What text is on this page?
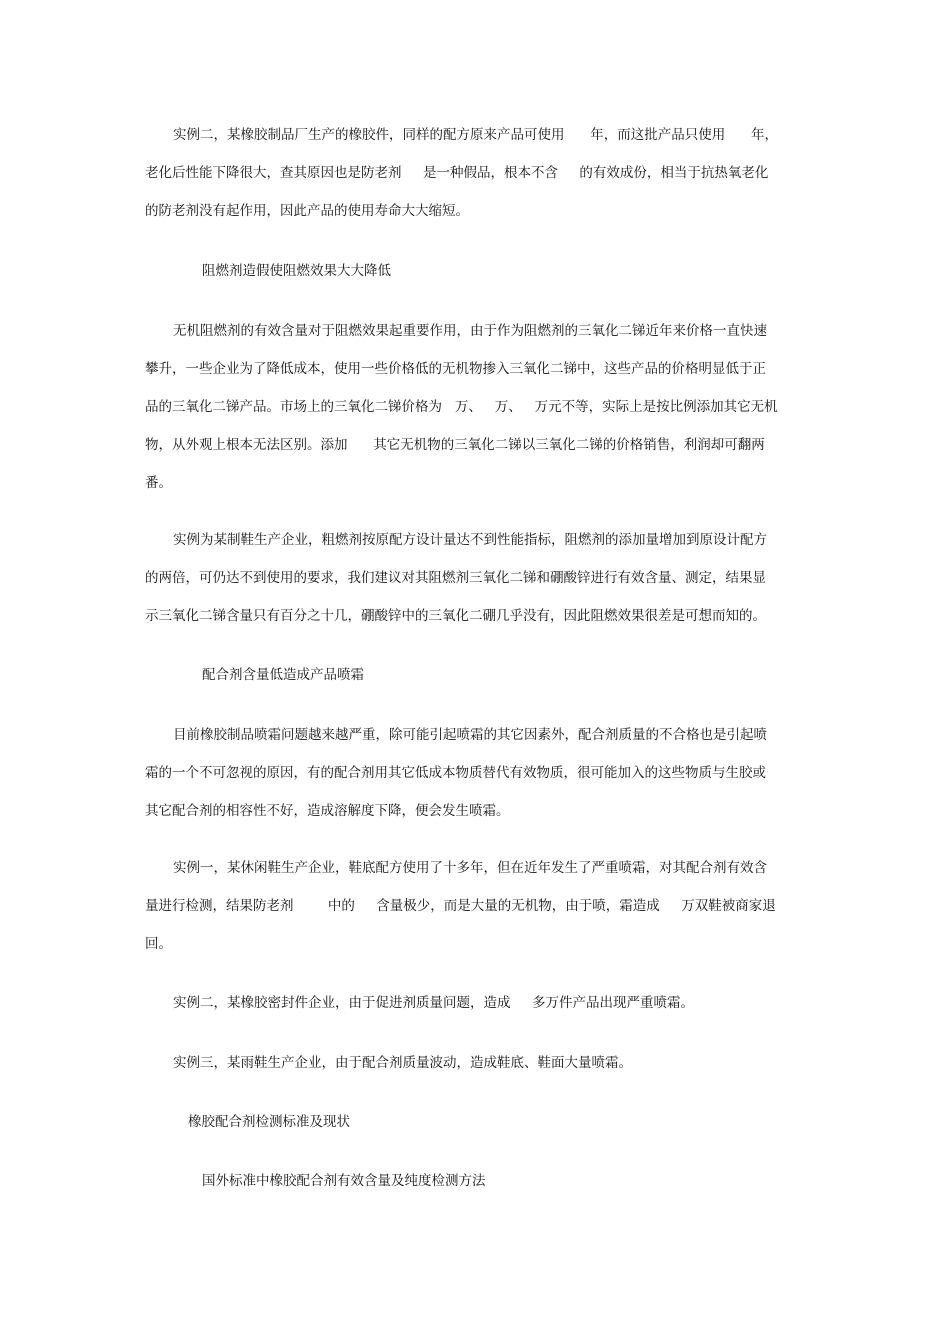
实例二，某橡胶制品厂生产的橡胶件，同样的配方原来产品可使用      年，而这批产品只使用      年，
老化后性能下降很大，查其原因也是防老剂     是一种假品，根本不含     的有效成份，相当于抗热氧老化
的防老剂没有起作用，因此产品的使用寿命大大缩短。
阻燃剂造假使阻燃效果大大降低
无机阻燃剂的有效含量对于阻燃效果起重要作用，由于作为阻燃剂的三氧化二锑近年来价格一直快速
攀升，一些企业为了降低成本，使用一些价格低的无机物掺入三氧化二锑中，这些产品的价格明显低于正
品的三氧化二锑产品。市场上的三氧化二锑价格为   万、   万、   万元不等，实际上是按比例添加其它无机
物，从外观上根本无法区别。添加      其它无机物的三氧化二锑以三氧化二锑的价格销售，利润却可翻两
番。
实例为某制鞋生产企业，粗燃剂按原配方设计量达不到性能指标，阻燃剂的添加量增加到原设计配方
的两倍，可仍达不到使用的要求，我们建议对其阻燃剂三氧化二锑和硼酸锌进行有效含量、测定，结果显
示三氧化二锑含量只有百分之十几，硼酸锌中的三氧化二硼几乎没有，因此阻燃效果很差是可想而知的。
配合剂含量低造成产品喷霜
目前橡胶制品喷霜问题越来越严重，除可能引起喷霜的其它因素外，配合剂质量的不合格也是引起喷
霜的一个不可忽视的原因，有的配合剂用其它低成本物质替代有效物质，很可能加入的这些物质与生胶或
其它配合剂的相容性不好，造成溶解度下降，便会发生喷霜。
实例一，某休闲鞋生产企业，鞋底配方使用了十多年，但在近年发生了严重喷霜，对其配合剂有效含
量进行检测，结果防老剂        中的     含量极少，而是大量的无机物，由于喷，霜造成     万双鞋被商家退
回。
实例二，某橡胶密封件企业，由于促进剂质量问题，造成     多万件产品出现严重喷霜。
实例三，某雨鞋生产企业，由于配合剂质量波动，造成鞋底、鞋面大量喷霜。
橡胶配合剂检测标准及现状
国外标准中橡胶配合剂有效含量及纯度检测方法
